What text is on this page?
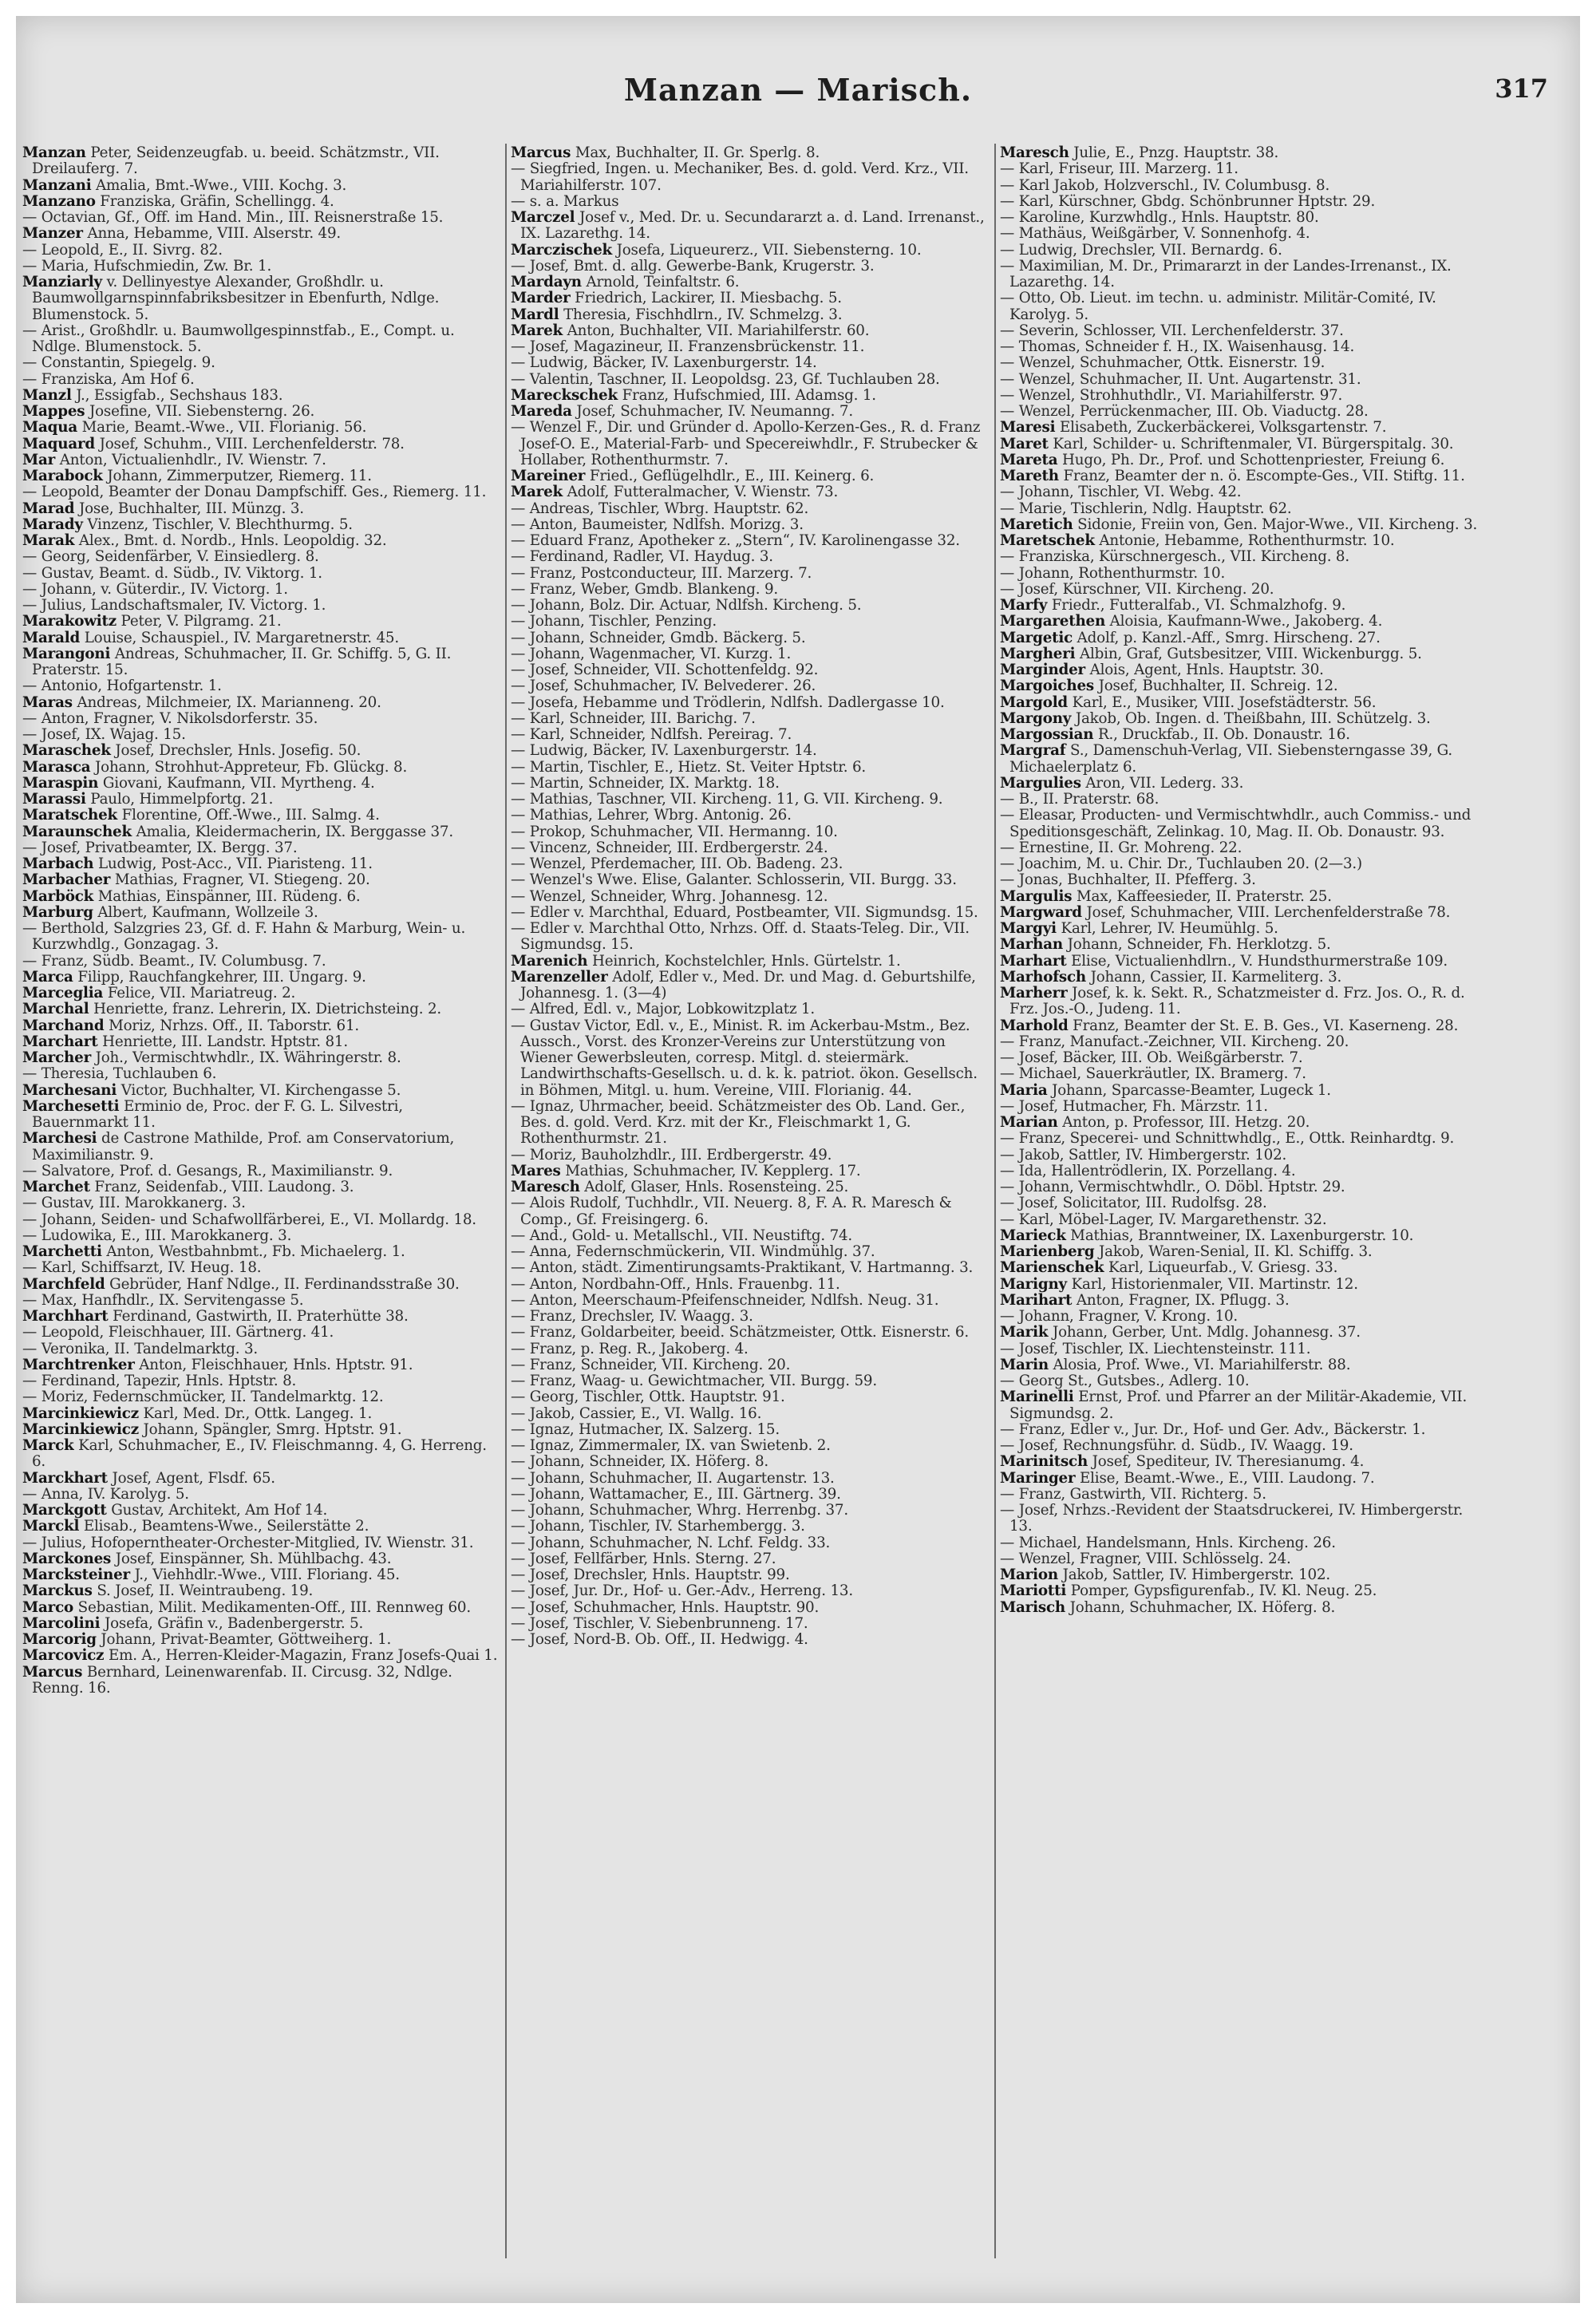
Manzan — Marisch.	317
Manzan Peter, Seidenzeugfab. u. beeid. Schätzmstr., VII. Dreilauferg. 7.
Manzani Amalia, Bmt.-Wwe., VIII. Kochg. 3.
Manzano Franziska, Gräfin, Schellingg. 4.
— Octavian, Gf., Off. im Hand. Min., III. Reisnerstraße 15.
Manzer Anna, Hebamme, VIII. Alserstr. 49.
— Leopold, E., II. Sivrg. 82.
— Maria, Hufschmiedin, Zw. Br. 1.
Manziarly v. Dellinyestye Alexander, Großhdlr. u. Baumwollgarnspinnfabriksbesitzer in Ebenfurth, Ndlge. Blumenstock. 5.
— Arist., Großhdlr. u. Baumwollgespinnstfab., E., Compt. u. Ndlge. Blumenstock. 5.
— Constantin, Spiegelg. 9.
— Franziska, Am Hof 6.
Manzl J., Essigfab., Sechshaus 183.
Mappes Josefine, VII. Siebensterng. 26.
Maqua Marie, Beamt.-Wwe., VII. Florianig. 56.
Maquard Josef, Schuhm., VIII. Lerchenfelderstr. 78.
Mar Anton, Victualienhdlr., IV. Wienstr. 7.
Marabock Johann, Zimmerputzer, Riemerg. 11.
— Leopold, Beamter der Donau Dampfschiff. Ges., Riemerg. 11.
Marad Jose, Buchhalter, III. Münzg. 3.
Marady Vinzenz, Tischler, V. Blechthurmg. 5.
Marak Alex., Bmt. d. Nordb., Hnls. Leopoldig. 32.
— Georg, Seidenfärber, V. Einsiedlerg. 8.
— Gustav, Beamt. d. Südb., IV. Viktorg. 1.
— Johann, v. Güterdir., IV. Victorg. 1.
— Julius, Landschaftsmaler, IV. Victorg. 1.
Marakowitz Peter, V. Pilgramg. 21.
Marald Louise, Schauspiel., IV. Margaretnerstr. 45.
Marangoni Andreas, Schuhmacher, II. Gr. Schiffg. 5, G. II. Praterstr. 15.
— Antonio, Hofgartenstr. 1.
Maras Andreas, Milchmeier, IX. Marianneng. 20.
— Anton, Fragner, V. Nikolsdorferstr. 35.
— Josef, IX. Wajag. 15.
Maraschek Josef, Drechsler, Hnls. Josefig. 50.
Marasca Johann, Strohhut-Appreteur, Fb. Glückg. 8.
Maraspin Giovani, Kaufmann, VII. Myrtheng. 4.
Marassi Paulo, Himmelpfortg. 21.
Maratschek Florentine, Off.-Wwe., III. Salmg. 4.
Maraunschek Amalia, Kleidermacherin, IX. Berggasse 37.
— Josef, Privatbeamter, IX. Bergg. 37.
Marbach Ludwig, Post-Acc., VII. Piaristeng. 11.
Marbacher Mathias, Fragner, VI. Stiegeng. 20.
Marböck Mathias, Einspänner, III. Rüdeng. 6.
Marburg Albert, Kaufmann, Wollzeile 3.
— Berthold, Salzgries 23, Gf. d. F. Hahn & Marburg, Wein- u. Kurzwhdlg., Gonzagag. 3.
— Franz, Südb. Beamt., IV. Columbusg. 7.
Marca Filipp, Rauchfangkehrer, III. Ungarg. 9.
Marceglia Felice, VII. Mariatreug. 2.
Marchal Henriette, franz. Lehrerin, IX. Dietrichsteing. 2.
Marchand Moriz, Nrhzs. Off., II. Taborstr. 61.
Marchart Henriette, III. Landstr. Hptstr. 81.
Marcher Joh., Vermischtwhdlr., IX. Währingerstr. 8.
— Theresia, Tuchlauben 6.
Marchesani Victor, Buchhalter, VI. Kirchengasse 5.
Marchesetti Erminio de, Proc. der F. G. L. Silvestri, Bauernmarkt 11.
Marchesi de Castrone Mathilde, Prof. am Conservatorium, Maximilianstr. 9.
— Salvatore, Prof. d. Gesangs, R., Maximilianstr. 9.
Marchet Franz, Seidenfab., VIII. Laudong. 3.
— Gustav, III. Marokkanerg. 3.
— Johann, Seiden- und Schafwollfärberei, E., VI. Mollardg. 18.
— Ludowika, E., III. Marokkanerg. 3.
Marchetti Anton, Westbahnbmt., Fb. Michaelerg. 1.
— Karl, Schiffsarzt, IV. Heug. 18.
Marchfeld Gebrüder, Hanf Ndlge., II. Ferdinandsstraße 30.
— Max, Hanfhdlr., IX. Servitengasse 5.
Marchhart Ferdinand, Gastwirth, II. Praterhütte 38.
— Leopold, Fleischhauer, III. Gärtnerg. 41.
— Veronika, II. Tandelmarktg. 3.
Marchtrenker Anton, Fleischhauer, Hnls. Hptstr. 91.
— Ferdinand, Tapezir, Hnls. Hptstr. 8.
— Moriz, Federnschmücker, II. Tandelmarktg. 12.
Marcinkiewicz Karl, Med. Dr., Ottk. Langeg. 1.
Marcinkiewicz Johann, Spängler, Smrg. Hptstr. 91.
Marck Karl, Schuhmacher, E., IV. Fleischmanng. 4, G. Herreng. 6.
Marckhart Josef, Agent, Flsdf. 65.
— Anna, IV. Karolyg. 5.
Marckgott Gustav, Architekt, Am Hof 14.
Marckl Elisab., Beamtens-Wwe., Seilerstätte 2.
— Julius, Hofoperntheater-Orchester-Mitglied, IV. Wienstr. 31.
Marckones Josef, Einspänner, Sh. Mühlbachg. 43.
Marcksteiner J., Viehhdlr.-Wwe., VIII. Floriang. 45.
Marckus S. Josef, II. Weintraubeng. 19.
Marco Sebastian, Milit. Medikamenten-Off., III. Rennweg 60.
Marcolini Josefa, Gräfin v., Badenbergerstr. 5.
Marcorig Johann, Privat-Beamter, Göttweiherg. 1.
Marcovicz Em. A., Herren-Kleider-Magazin, Franz Josefs-Quai 1.
Marcus Bernhard, Leinenwarenfab. II. Circusg. 32, Ndlge. Renng. 16.
Marcus Max, Buchhalter, II. Gr. Sperlg. 8.
— Siegfried, Ingen. u. Mechaniker, Bes. d. gold. Verd. Krz., VII. Mariahilferstr. 107.
— s. a. Markus
Marczel Josef v., Med. Dr. u. Secundararzt a. d. Land. Irrenanst., IX. Lazarethg. 14.
Marczischek Josefa, Liqueurerz., VII. Siebensterng. 10.
— Josef, Bmt. d. allg. Gewerbe-Bank, Krugerstr. 3.
Mardayn Arnold, Teinfaltstr. 6.
Marder Friedrich, Lackirer, II. Miesbachg. 5.
Mardl Theresia, Fischhdlrn., IV. Schmelzg. 3.
Marek Anton, Buchhalter, VII. Mariahilferstr. 60.
— Josef, Magazineur, II. Franzensbrückenstr. 11.
— Ludwig, Bäcker, IV. Laxenburgerstr. 14.
— Valentin, Taschner, II. Leopoldsg. 23, Gf. Tuchlauben 28.
Mareckschek Franz, Hufschmied, III. Adamsg. 1.
Mareda Josef, Schuhmacher, IV. Neumanng. 7.
— Wenzel F., Dir. und Gründer d. Apollo-Kerzen-Ges., R. d. Franz Josef-O. E., Material-Farb- und Specereiwhdlr., F. Strubecker & Hollaber, Rothenthurmstr. 7.
Mareiner Fried., Geflügelhdlr., E., III. Keinerg. 6.
Marek Adolf, Futteralmacher, V. Wienstr. 73.
— Andreas, Tischler, Wbrg. Hauptstr. 62.
— Anton, Baumeister, Ndlfsh. Morizg. 3.
— Eduard Franz, Apotheker z. „Stern“, IV. Karolinengasse 32.
— Ferdinand, Radler, VI. Haydug. 3.
— Franz, Postconducteur, III. Marzerg. 7.
— Franz, Weber, Gmdb. Blankeng. 9.
— Johann, Bolz. Dir. Actuar, Ndlfsh. Kircheng. 5.
— Johann, Tischler, Penzing.
— Johann, Schneider, Gmdb. Bäckerg. 5.
— Johann, Wagenmacher, VI. Kurzg. 1.
— Josef, Schneider, VII. Schottenfeldg. 92.
— Josef, Schuhmacher, IV. Belvederег. 26.
— Josefa, Hebamme und Trödlerin, Ndlfsh. Dadlergasse 10.
— Karl, Schneider, III. Barichg. 7.
— Karl, Schneider, Ndlfsh. Pereirag. 7.
— Ludwig, Bäcker, IV. Laxenburgerstr. 14.
— Martin, Tischler, E., Hietz. St. Veiter Hptstr. 6.
— Martin, Schneider, IX. Marktg. 18.
— Mathias, Taschner, VII. Kircheng. 11, G. VII. Kircheng. 9.
— Mathias, Lehrer, Wbrg. Antonig. 26.
— Prokop, Schuhmacher, VII. Hermanng. 10.
— Vincenz, Schneider, III. Erdbergerstr. 24.
— Wenzel, Pferdemacher, III. Ob. Badeng. 23.
— Wenzel's Wwe. Elise, Galanter. Schlosserin, VII. Burgg. 33.
— Wenzel, Schneider, Whrg. Johannesg. 12.
— Edler v. Marchthal, Eduard, Postbeamter, VII. Sigmundsg. 15.
— Edler v. Marchthal Otto, Nrhzs. Off. d. Staats-Teleg. Dir., VII. Sigmundsg. 15.
Marenich Heinrich, Kochstelchler, Hnls. Gürtelstr. 1.
Marenzeller Adolf, Edler v., Med. Dr. und Mag. d. Geburtshilfe, Johannesg. 1. (3—4)
— Alfred, Edl. v., Major, Lobkowitzplatz 1.
— Gustav Victor, Edl. v., E., Minist. R. im Ackerbau-Mstm., Bez. Aussch., Vorst. des Kronzer-Vereins zur Unterstützung von Wiener Gewerbsleuten, corresp. Mitgl. d. steiermärk. Landwirthschafts-Gesellsch. u. d. k. k. patriot. ökon. Gesellsch. in Böhmen, Mitgl. u. hum. Vereine, VIII. Florianig. 44.
— Ignaz, Uhrmacher, beeid. Schätzmeister des Ob. Land. Ger., Bes. d. gold. Verd. Krz. mit der Kr., Fleischmarkt 1, G. Rothenthurmstr. 21.
— Moriz, Bauholzhdlr., III. Erdbergerstr. 49.
Mares Mathias, Schuhmacher, IV. Kepplerg. 17.
Maresch Adolf, Glaser, Hnls. Rosensteing. 25.
— Alois Rudolf, Tuchhdlr., VII. Neuerg. 8, F. A. R. Maresch & Comp., Gf. Freisingerg. 6.
— And., Gold- u. Metallschl., VII. Neustiftg. 74.
— Anna, Federnschmückerin, VII. Windmühlg. 37.
— Anton, städt. Zimentirungsamts-Praktikant, V. Hartmanng. 3.
— Anton, Nordbahn-Off., Hnls. Frauenbg. 11.
— Anton, Meerschaum-Pfeifenschneider, Ndlfsh. Neug. 31.
— Franz, Drechsler, IV. Waagg. 3.
— Franz, Goldarbeiter, beeid. Schätzmeister, Ottk. Eisnerstr. 6.
— Franz, p. Reg. R., Jakoberg. 4.
— Franz, Schneider, VII. Kircheng. 20.
— Franz, Waag- u. Gewichtmacher, VII. Burgg. 59.
— Georg, Tischler, Ottk. Hauptstr. 91.
— Jakob, Cassier, E., VI. Wallg. 16.
— Ignaz, Hutmacher, IX. Salzerg. 15.
— Ignaz, Zimmermaler, IX. van Swietenb. 2.
— Johann, Schneider, IX. Höferg. 8.
— Johann, Schuhmacher, II. Augartenstr. 13.
— Johann, Wattamacher, E., III. Gärtnerg. 39.
— Johann, Schuhmacher, Whrg. Herrenbg. 37.
— Johann, Tischler, IV. Starhembergg. 3.
— Johann, Schuhmacher, N. Lchf. Feldg. 33.
— Josef, Fellfärber, Hnls. Sterng. 27.
— Josef, Drechsler, Hnls. Hauptstr. 99.
— Josef, Jur. Dr., Hof- u. Ger.-Adv., Herreng. 13.
— Josef, Schuhmacher, Hnls. Hauptstr. 90.
— Josef, Tischler, V. Siebenbrunneng. 17.
— Josef, Nord-B. Ob. Off., II. Hedwigg. 4.
Maresch Julie, E., Pnzg. Hauptstr. 38.
— Karl, Friseur, III. Marzerg. 11.
— Karl Jakob, Holzverschl., IV. Columbusg. 8.
— Karl, Kürschner, Gbdg. Schönbrunner Hptstr. 29.
— Karoline, Kurzwhdlg., Hnls. Hauptstr. 80.
— Mathäus, Weißgärber, V. Sonnenhofg. 4.
— Ludwig, Drechsler, VII. Bernardg. 6.
— Maximilian, M. Dr., Primararzt in der Landes-Irrenanst., IX. Lazarethg. 14.
— Otto, Ob. Lieut. im techn. u. administr. Militär-Comité, IV. Karolyg. 5.
— Severin, Schlosser, VII. Lerchenfelderstr. 37.
— Thomas, Schneider f. H., IX. Waisenhausg. 14.
— Wenzel, Schuhmacher, Ottk. Eisnerstr. 19.
— Wenzel, Schuhmacher, II. Unt. Augartenstr. 31.
— Wenzel, Strohhuthdlr., VI. Mariahilferstr. 97.
— Wenzel, Perrückenmacher, III. Ob. Viaductg. 28.
Maresi Elisabeth, Zuckerbäckerei, Volksgartenstr. 7.
Maret Karl, Schilder- u. Schriftenmaler, VI. Bürgerspitalg. 30.
Mareta Hugo, Ph. Dr., Prof. und Schottenpriester, Freiung 6.
Mareth Franz, Beamter der n. ö. Escompte-Ges., VII. Stiftg. 11.
— Johann, Tischler, VI. Webg. 42.
— Marie, Tischlerin, Ndlg. Hauptstr. 62.
Maretich Sidonie, Freiin von, Gen. Major-Wwe., VII. Kircheng. 3.
Maretschek Antonie, Hebamme, Rothenthurmstr. 10.
— Franziska, Kürschnergesch., VII. Kircheng. 8.
— Johann, Rothenthurmstr. 10.
— Josef, Kürschner, VII. Kircheng. 20.
Marfy Friedr., Futteralfab., VI. Schmalzhofg. 9.
Margarethen Aloisia, Kaufmann-Wwe., Jakoberg. 4.
Margetic Adolf, p. Kanzl.-Aff., Smrg. Hirscheng. 27.
Margheri Albin, Graf, Gutsbesitzer, VIII. Wickenburgg. 5.
Marginder Alois, Agent, Hnls. Hauptstr. 30.
Margoiches Josef, Buchhalter, II. Schreig. 12.
Margold Karl, E., Musiker, VIII. Josefstädterstr. 56.
Margony Jakob, Ob. Ingen. d. Theißbahn, III. Schützelg. 3.
Margossian R., Druckfab., II. Ob. Donaustr. 16.
Margraf S., Damenschuh-Verlag, VII. Siebensterngasse 39, G. Michaelerplatz 6.
Margulies Aron, VII. Lederg. 33.
— B., II. Praterstr. 68.
— Eleasar, Producten- und Vermischtwhdlr., auch Commiss.- und Speditionsgeschäft, Zelinkag. 10, Mag. II. Ob. Donaustr. 93.
— Ernestine, II. Gr. Mohreng. 22.
— Joachim, M. u. Chir. Dr., Tuchlauben 20. (2—3.)
— Jonas, Buchhalter, II. Pfefferg. 3.
Margulis Max, Kaffeesieder, II. Praterstr. 25.
Margward Josef, Schuhmacher, VIII. Lerchenfelderstraße 78.
Margyi Karl, Lehrer, IV. Heumühlg. 5.
Marhan Johann, Schneider, Fh. Herklotzg. 5.
Marhart Elise, Victualienhdlrn., V. Hundsthurmerstraße 109.
Marhofsch Johann, Cassier, II. Karmeliterg. 3.
Marherr Josef, k. k. Sekt. R., Schatzmeister d. Frz. Jos. O., R. d. Frz. Jos.-O., Judeng. 11.
Marhold Franz, Beamter der St. E. B. Ges., VI. Kaserneng. 28.
— Franz, Manufact.-Zeichner, VII. Kircheng. 20.
— Josef, Bäcker, III. Ob. Weißgärberstr. 7.
— Michael, Sauerkräutler, IX. Bramerg. 7.
Maria Johann, Sparcasse-Beamter, Lugeck 1.
— Josef, Hutmacher, Fh. Märzstr. 11.
Marian Anton, p. Professor, III. Hetzg. 20.
— Franz, Specerei- und Schnittwhdlg., E., Ottk. Reinhardtg. 9.
— Jakob, Sattler, IV. Himbergerstr. 102.
— Ida, Hallentrödlerin, IX. Porzellang. 4.
— Johann, Vermischtwhdlr., O. Döbl. Hptstr. 29.
— Josef, Solicitator, III. Rudolfsg. 28.
— Karl, Möbel-Lager, IV. Margarethenstr. 32.
Marieck Mathias, Branntweiner, IX. Laxenburgerstr. 10.
Marienberg Jakob, Waren-Senial, II. Kl. Schiffg. 3.
Marienschek Karl, Liqueurfab., V. Griesg. 33.
Marigny Karl, Historienmaler, VII. Martinstr. 12.
Marihart Anton, Fragner, IX. Pflugg. 3.
— Johann, Fragner, V. Krong. 10.
Marik Johann, Gerber, Unt. Mdlg. Johannesg. 37.
— Josef, Tischler, IX. Liechtensteinstr. 111.
Marin Alosia, Prof. Wwe., VI. Mariahilferstr. 88.
— Georg St., Gutsbes., Adlerg. 10.
Marinelli Ernst, Prof. und Pfarrer an der Militär-Akademie, VII. Sigmundsg. 2.
— Franz, Edler v., Jur. Dr., Hof- und Ger. Adv., Bäckerstr. 1.
— Josef, Rechnungsführ. d. Südb., IV. Waagg. 19.
Marinitsch Josef, Spediteur, IV. Theresianumg. 4.
Maringer Elise, Beamt.-Wwe., E., VIII. Laudong. 7.
— Franz, Gastwirth, VII. Richterg. 5.
— Josef, Nrhzs.-Revident der Staatsdruckerei, IV. Himbergerstr. 13.
— Michael, Handelsmann, Hnls. Kircheng. 26.
— Wenzel, Fragner, VIII. Schlösselg. 24.
Marion Jakob, Sattler, IV. Himbergerstr. 102.
Mariotti Pomper, Gypsfigurenfab., IV. Kl. Neug. 25.
Marisch Johann, Schuhmacher, IX. Höferg. 8.
